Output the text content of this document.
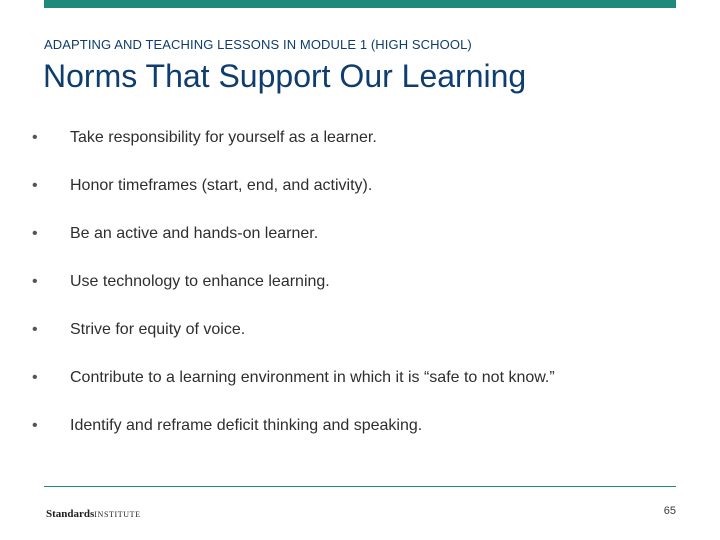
ADAPTING AND TEACHING LESSONS IN MODULE 1 (HIGH SCHOOL)
Norms That Support Our Learning
•	Take responsibility for yourself as a learner.
•	Honor timeframes (start, end, and activity).
•	Be an active and hands-on learner.
•	Use technology to enhance learning.
•	Strive for equity of voice.
•	Contribute to a learning environment in which it is “safe to not know.”
•	Identify and reframe deficit thinking and speaking.
StandardsINSTITUTE	65
